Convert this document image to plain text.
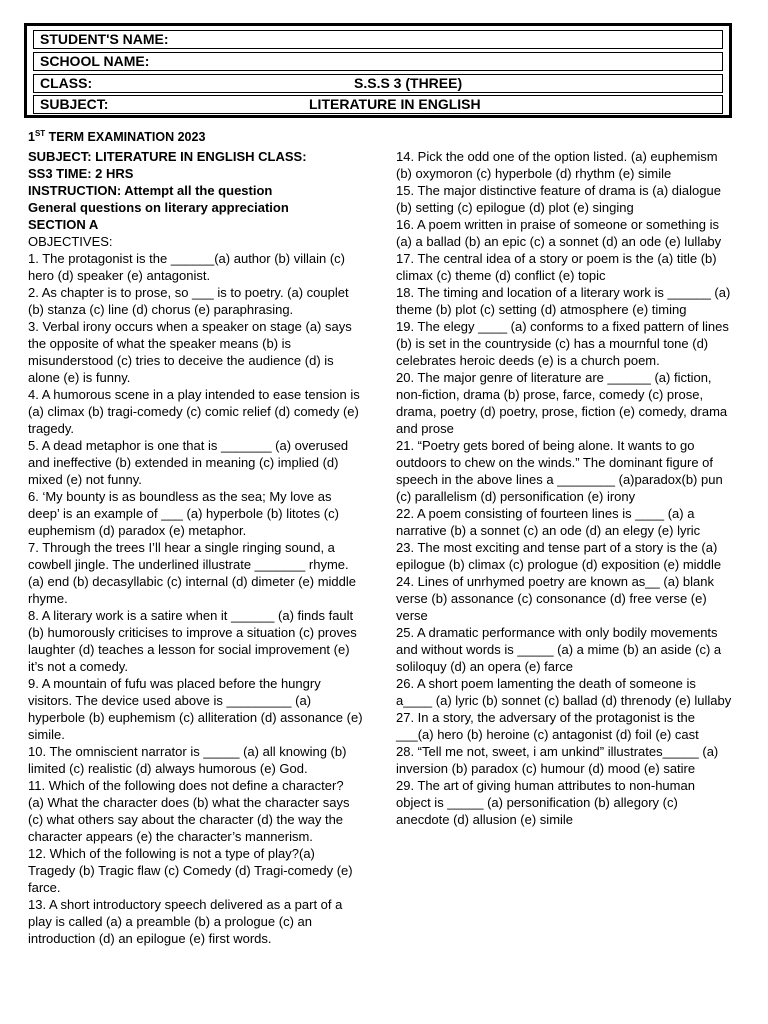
STUDENT'S NAME:
SCHOOL NAME:
CLASS:	S.S.S 3 (THREE)
SUBJECT:	LITERATURE IN ENGLISH

1ST TERM EXAMINATION 2023

SUBJECT: LITERATURE IN ENGLISH CLASS:

SS3 TIME: 2 HRS

INSTRUCTION: Attempt all the question

General questions on literary appreciation

SECTION A

OBJECTIVES:

1. The protagonist is the ______(a) author (b) villain (c) hero (d) speaker (e) antagonist.

2. As chapter is to prose, so ___ is to poetry. (a) couplet (b) stanza (c) line (d) chorus (e) paraphrasing.

3. Verbal irony occurs when a speaker on stage (a) says the opposite of what the speaker means (b) is misunderstood (c) tries to deceive the audience (d) is alone (e) is funny.

4. A humorous scene in a play intended to ease tension is (a) climax (b) tragi-comedy (c) comic relief (d) comedy (e) tragedy.

5. A dead metaphor is one that is _______ (a) overused and ineffective (b) extended in meaning (c) implied (d) mixed (e) not funny.

6. ‘My bounty is as boundless as the sea; My love as deep’ is an example of ___ (a) hyperbole (b) litotes (c) euphemism (d) paradox (e) metaphor.

7. Through the trees I’ll hear a single ringing sound, a cowbell jingle. The underlined illustrate _______ rhyme. (a) end (b) decasyllabic (c) internal (d) dimeter (e) middle rhyme.

8. A literary work is a satire when it ______ (a) finds fault (b) humorously criticises to improve a situation (c) proves laughter (d) teaches a lesson for social improvement (e) it’s not a comedy.

9. A mountain of fufu was placed before the hungry visitors. The device used above is _________ (a) hyperbole (b) euphemism (c) alliteration (d) assonance (e) simile.

10. The omniscient narrator is _____ (a) all knowing (b) limited (c) realistic (d) always humorous (e) God.

11. Which of the following does not define a character? (a) What the character does (b) what the character says (c) what others say about the character (d) the way the character appears (e) the character’s mannerism.

12. Which of the following is not a type of play?(a) Tragedy (b) Tragic flaw (c) Comedy (d) Tragi-comedy (e) farce.

13. A short introductory speech delivered as a part of a play is called (a) a preamble (b) a prologue (c) an introduction (d) an epilogue (e) first words.

14. Pick the odd one of the option listed. (a) euphemism (b) oxymoron (c) hyperbole (d) rhythm (e) simile

15. The major distinctive feature of drama is (a) dialogue (b) setting (c) epilogue (d) plot (e) singing

16. A poem written in praise of someone or something is (a) a ballad (b) an epic (c) a sonnet (d) an ode (e) lullaby

17. The central idea of a story or poem is the (a) title (b) climax (c) theme (d) conflict (e) topic

18. The timing and location of a literary work is ______ (a) theme (b) plot (c) setting (d) atmosphere (e) timing

19. The elegy ____ (a) conforms to a fixed pattern of lines (b) is set in the countryside (c) has a mournful tone (d) celebrates heroic deeds (e) is a church poem.

20. The major genre of literature are ______ (a) fiction, non-fiction, drama (b) prose, farce, comedy (c) prose, drama, poetry (d) poetry, prose, fiction (e) comedy, drama and prose

21. “Poetry gets bored of being alone. It wants to go outdoors to chew on the winds.” The dominant figure of speech in the above lines a ________ (a)paradox(b) pun (c) parallelism (d) personification (e) irony

22. A poem consisting of fourteen lines is ____ (a) a narrative (b) a sonnet (c) an ode (d) an elegy (e) lyric

23. The most exciting and tense part of a story is the (a) epilogue (b) climax (c) prologue (d) exposition (e) middle

24. Lines of unrhymed poetry are known as__ (a) blank verse (b) assonance (c) consonance (d) free verse (e) verse

25. A dramatic performance with only bodily movements and without words is _____ (a) a mime (b) an aside (c) a soliloquy (d) an opera (e) farce

26. A short poem lamenting the death of someone is a____ (a) lyric (b) sonnet (c) ballad (d) threnody (e) lullaby

27. In a story, the adversary of the protagonist is the ___(a) hero (b) heroine (c) antagonist (d) foil (e) cast

28. “Tell me not, sweet, i am unkind” illustrates_____ (a) inversion (b) paradox (c) humour (d) mood (e) satire

29. The art of giving human attributes to non-human object is _____ (a) personification (b) allegory (c) anecdote (d) allusion (e) simile
